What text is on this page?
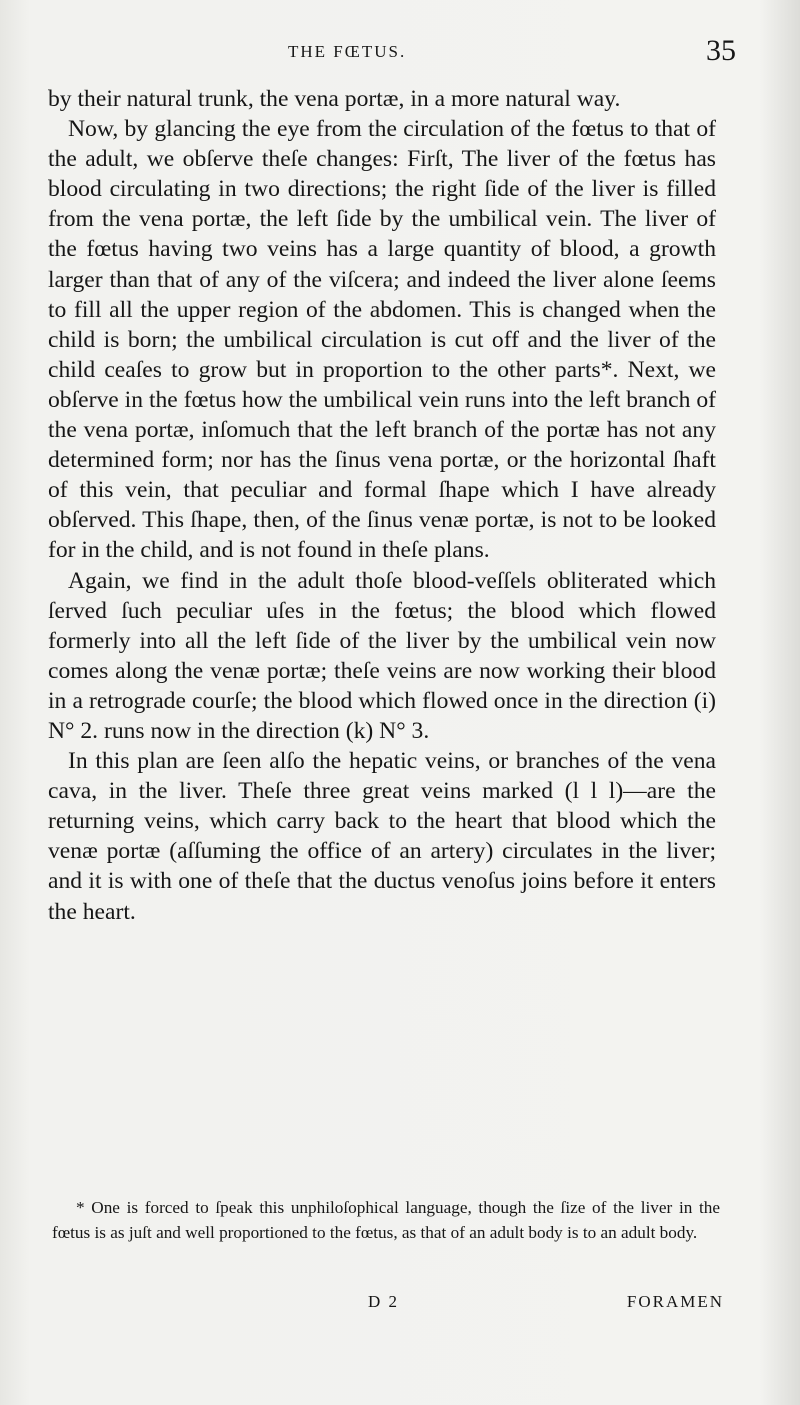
THE FŒTUS.	35

by their natural trunk, the vena portæ, in a more natural way.

Now, by glancing the eye from the circulation of the fœtus to that of the adult, we obſerve theſe changes: Firſt, The liver of the fœtus has blood circulating in two directions; the right ſide of the liver is filled from the vena portæ, the left ſide by the umbilical vein. The liver of the fœtus having two veins has a large quantity of blood, a growth larger than that of any of the viſcera; and indeed the liver alone ſeems to fill all the upper region of the abdomen. This is changed when the child is born; the umbilical circulation is cut off and the liver of the child ceaſes to grow but in proportion to the other parts*. Next, we obſerve in the fœtus how the umbilical vein runs into the left branch of the vena portæ, inſomuch that the left branch of the portæ has not any determined form; nor has the ſinus vena portæ, or the horizontal ſhaft of this vein, that peculiar and formal ſhape which I have already obſerved. This ſhape, then, of the ſinus venæ portæ, is not to be looked for in the child, and is not found in theſe plans.

Again, we find in the adult thoſe blood-veſſels obliterated which ſerved ſuch peculiar uſes in the fœtus; the blood which flowed formerly into all the left ſide of the liver by the umbilical vein now comes along the venæ portæ; theſe veins are now working their blood in a retrograde courſe; the blood which flowed once in the direction (i) N° 2. runs now in the direction (k) N° 3.

In this plan are ſeen alſo the hepatic veins, or branches of the vena cava, in the liver. Theſe three great veins marked (l l l)—are the returning veins, which carry back to the heart that blood which the venæ portæ (aſſuming the office of an artery) circulates in the liver; and it is with one of theſe that the ductus venoſus joins before it enters the heart.

* One is forced to ſpeak this unphiloſophical language, though the ſize of the liver in the fœtus is as juſt and well proportioned to the fœtus, as that of an adult body is to an adult body.

D 2	FORAMEN
